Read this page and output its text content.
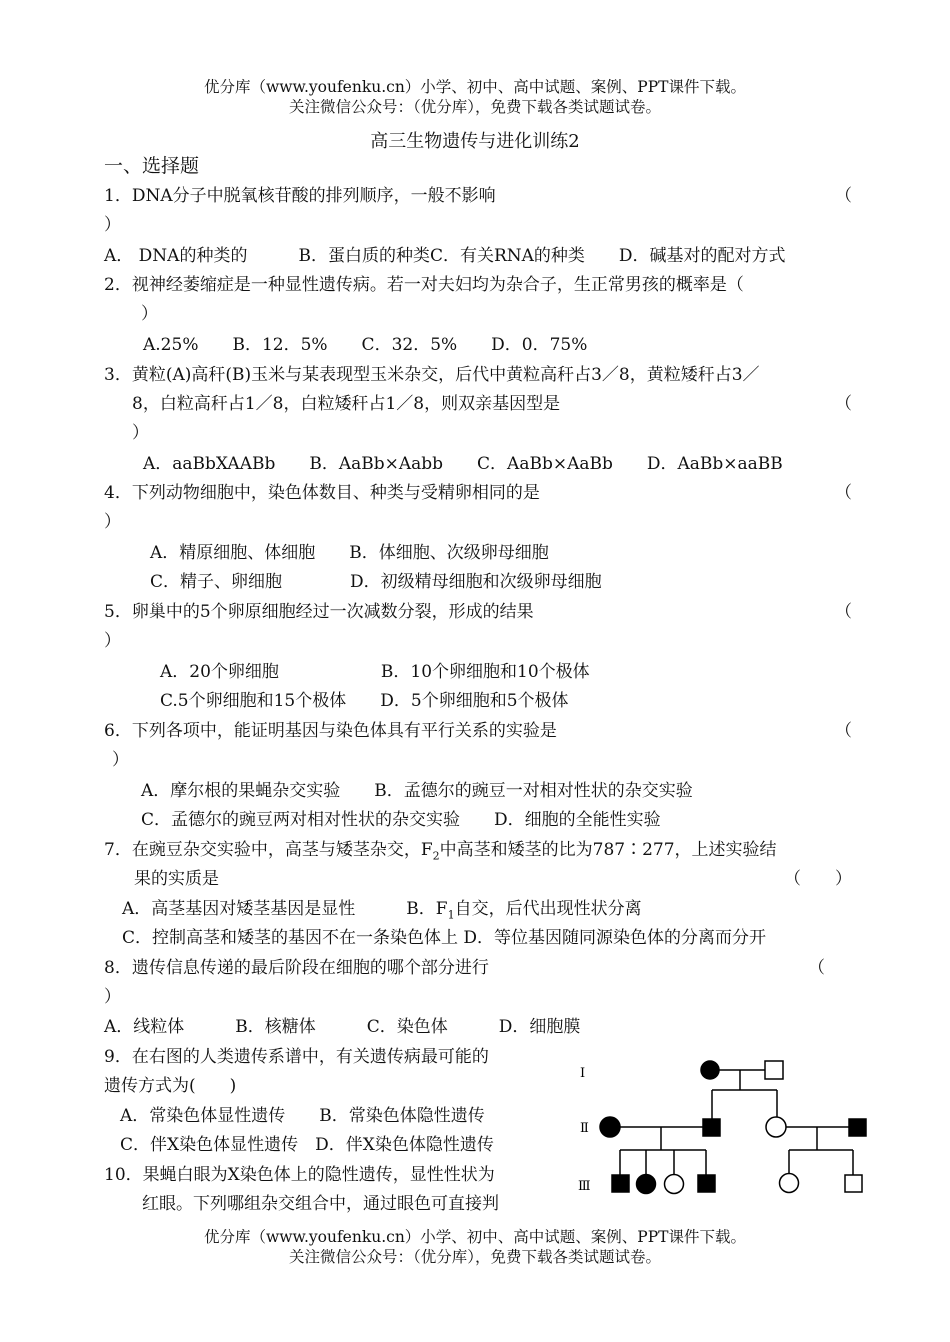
优分库（www.youfenku.cn）小学、初中、高中试题、案例、PPT课件下载。
关注微信公众号：（优分库），免费下载各类试题试卷。
高三生物遗传与进化训练2
一、选择题
1．DNA分子中脱氧核苷酸的排列顺序，一般不影响	（
）
A． DNA的种类的　　　B．蛋白质的种类C．有关RNA的种类　　D．碱基对的配对方式
2．视神经萎缩症是一种显性遗传病。若一对夫妇均为杂合子，生正常男孩的概率是（
）
A.25%　　B．12．5%　　C．32．5%　　D．0．75%
3．黄粒(A)高秆(B)玉米与某表现型玉米杂交，后代中黄粒高秆占3／8，黄粒矮秆占3／
8，白粒高秆占1／8，白粒矮秆占1／8，则双亲基因型是	（
）
A．aaBbXAABb　　B．AaBb×Aabb　　C．AaBb×AaBb　　D．AaBb×aaBB
4．下列动物细胞中，染色体数目、种类与受精卵相同的是	（
）
A．精原细胞、体细胞　　B．体细胞、次级卵母细胞
C．精子、卵细胞　　　　D．初级精母细胞和次级卵母细胞
5．卵巢中的5个卵原细胞经过一次减数分裂，形成的结果	（
）
A．20个卵细胞　　　　　　B．10个卵细胞和10个极体
C.5个卵细胞和15个极体　　D．5个卵细胞和5个极体
6．下列各项中，能证明基因与染色体具有平行关系的实验是	（
）
A．摩尔根的果蝇杂交实验　　B．孟德尔的豌豆一对相对性状的杂交实验
C．孟德尔的豌豆两对相对性状的杂交实验　　D．细胞的全能性实验
7．在豌豆杂交实验中，高茎与矮茎杂交，$F_2$中高茎和矮茎的比为787∶277，上述实验结
果的实质是	（　　）
A．高茎基因对矮茎基因是显性　　　B．$F_1$自交，后代出现性状分离
C．控制高茎和矮茎的基因不在一条染色体上 D．等位基因随同源染色体的分离而分开
8．遗传信息传递的最后阶段在细胞的哪个部分进行	（
）
A．线粒体　　　B．核糖体　　　C．染色体　　　D．细胞膜
9．在右图的人类遗传系谱中，有关遗传病最可能的
遗传方式为(　　)
A．常染色体显性遗传　　B．常染色体隐性遗传
C．伴X染色体显性遗传　D．伴X染色体隐性遗传
10．果蝇白眼为X染色体上的隐性遗传，显性性状为
红眼。下列哪组杂交组合中，通过眼色可直接判
Ⅰ
Ⅱ
Ⅲ
优分库（www.youfenku.cn）小学、初中、高中试题、案例、PPT课件下载。
关注微信公众号：（优分库），免费下载各类试题试卷。
